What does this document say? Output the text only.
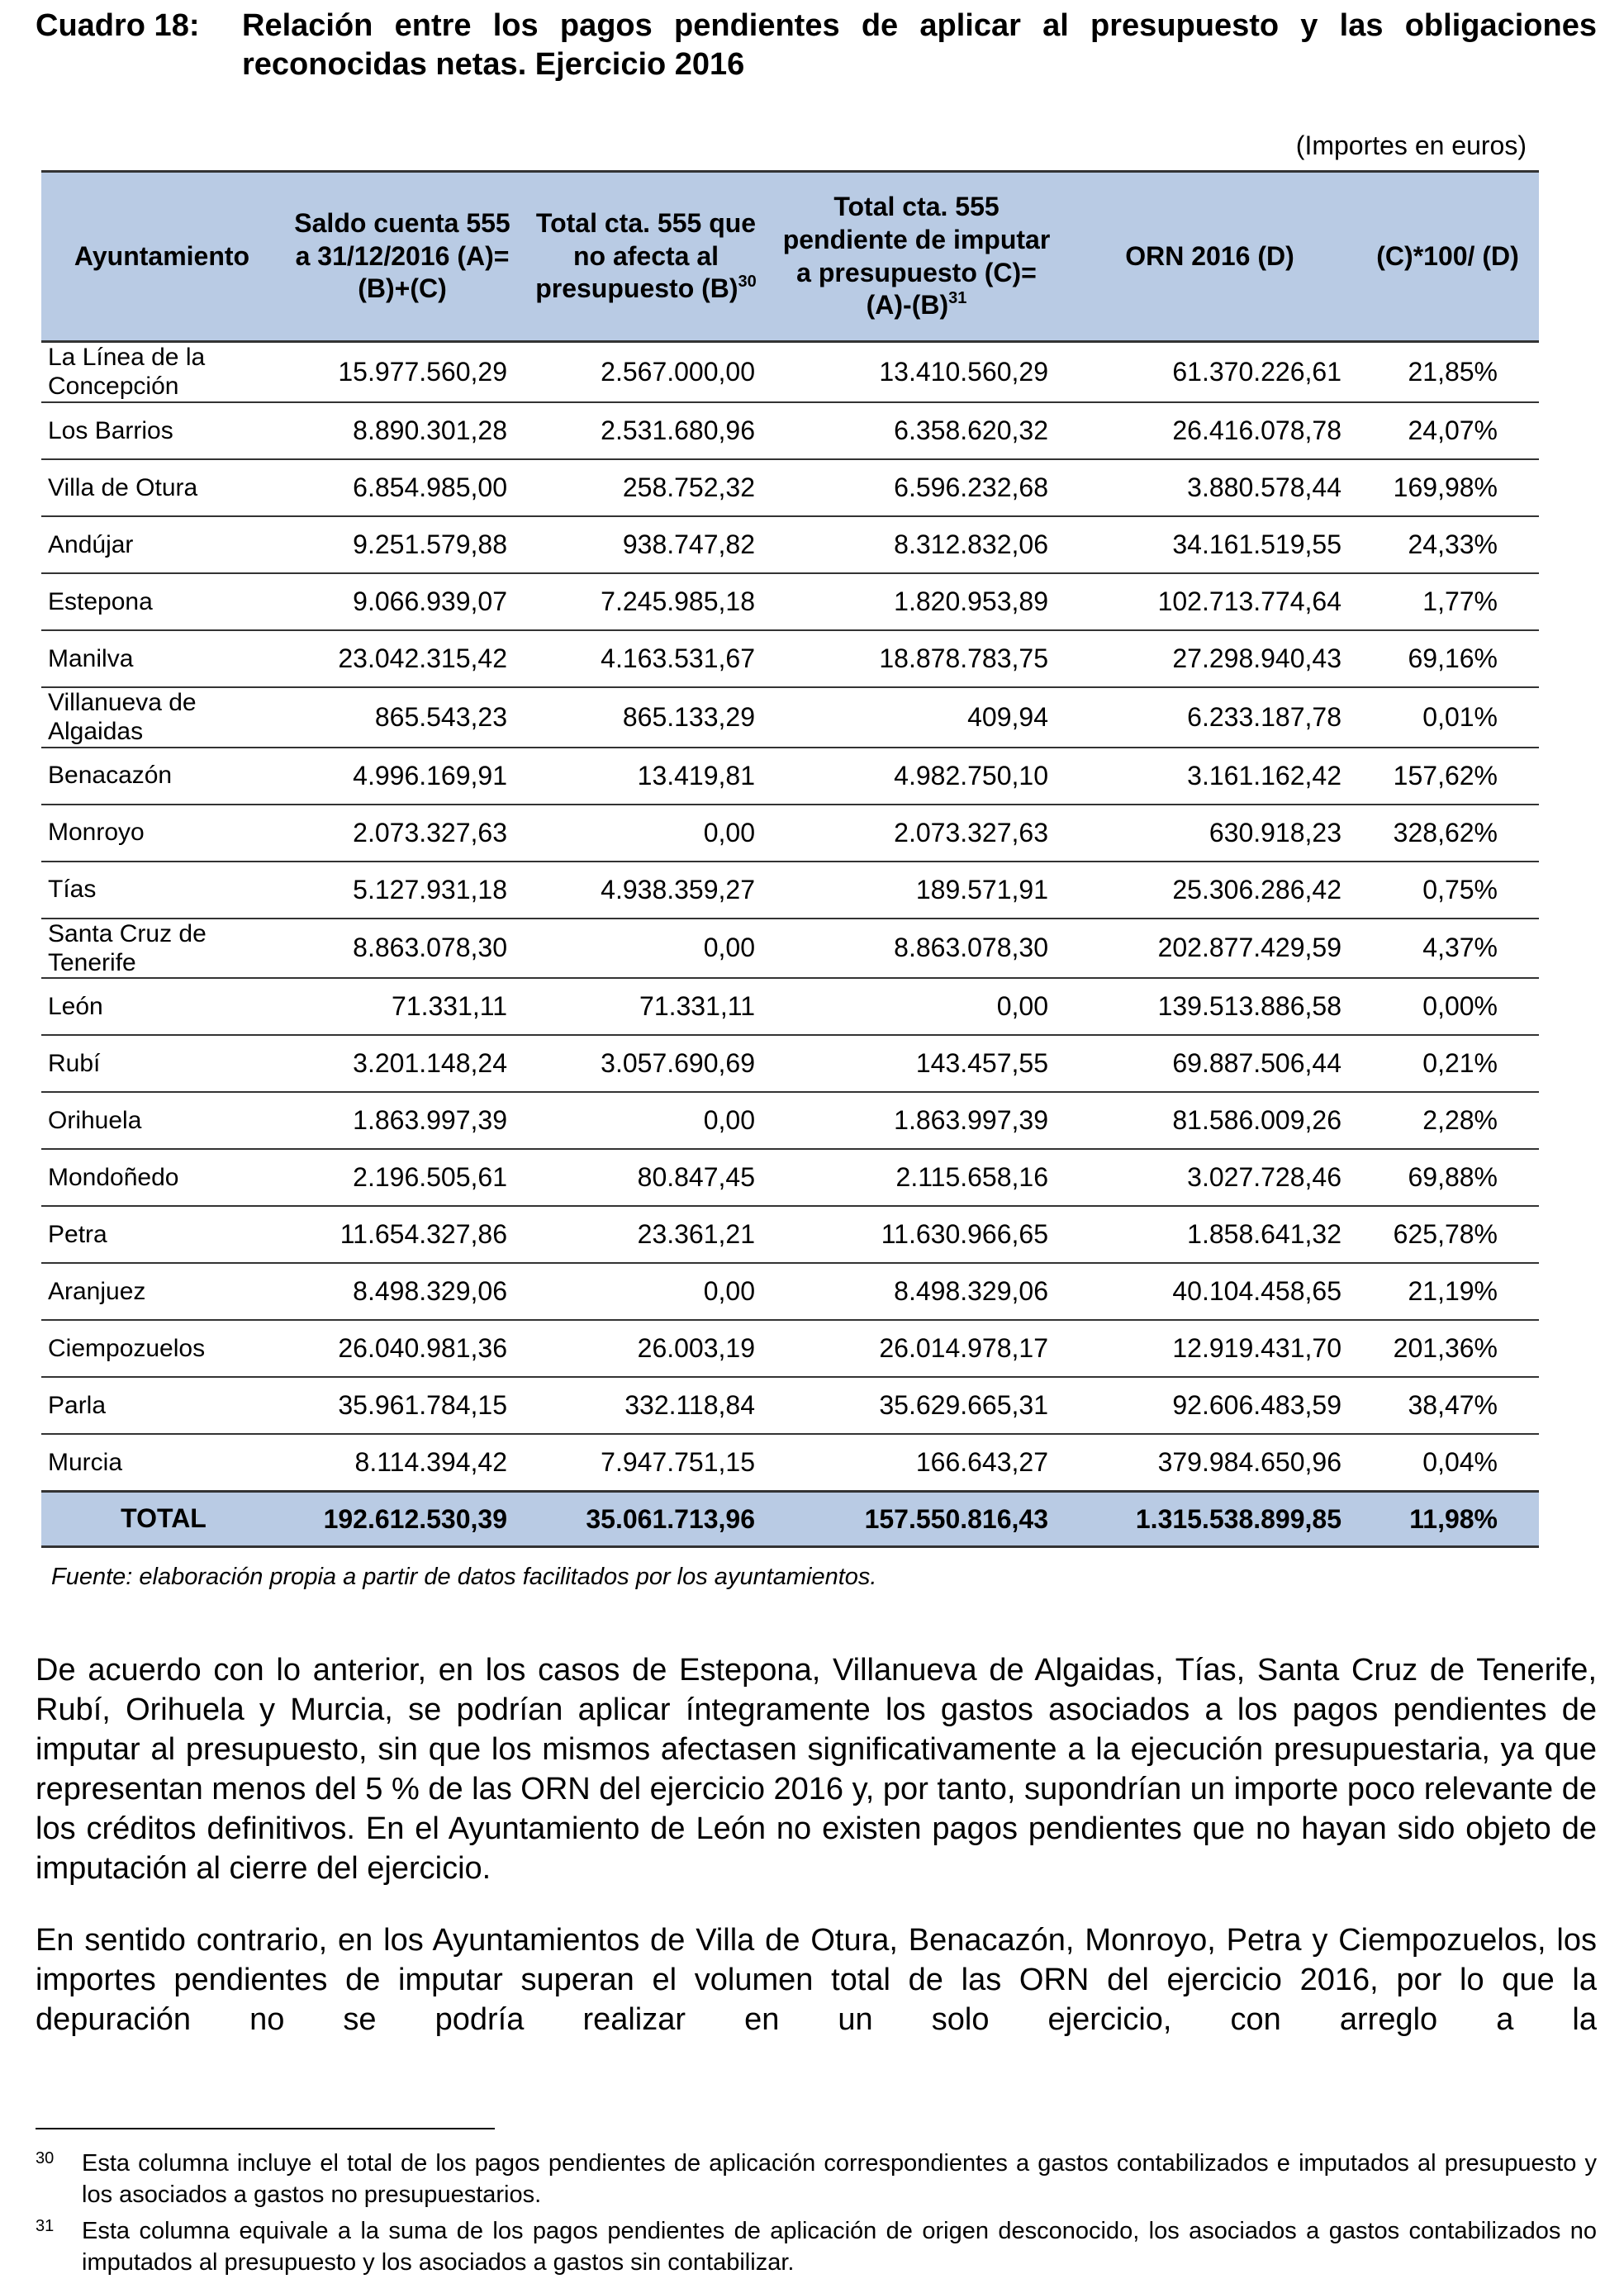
Cuadro 18: Relación entre los pagos pendientes de aplicar al presupuesto y las obligaciones reconocidas netas. Ejercicio 2016
(Importes en euros)
Ayuntamiento	Saldo cuenta 555 a 31/12/2016 (A)=(B)+(C)	Total cta. 555 que no afecta al presupuesto $(B)^{30}$	Total cta. 555 pendiente de imputar a presupuesto $(C)=(A)-(B)^{31}$	ORN 2016 (D)	(C)*100/ (D)
La Línea de la Concepción	15.977.560,29	2.567.000,00	13.410.560,29	61.370.226,61	21,85%
Los Barrios	8.890.301,28	2.531.680,96	6.358.620,32	26.416.078,78	24,07%
Villa de Otura	6.854.985,00	258.752,32	6.596.232,68	3.880.578,44	169,98%
Andújar	9.251.579,88	938.747,82	8.312.832,06	34.161.519,55	24,33%
Estepona	9.066.939,07	7.245.985,18	1.820.953,89	102.713.774,64	1,77%
Manilva	23.042.315,42	4.163.531,67	18.878.783,75	27.298.940,43	69,16%
Villanueva de Algaidas	865.543,23	865.133,29	409,94	6.233.187,78	0,01%
Benacazón	4.996.169,91	13.419,81	4.982.750,10	3.161.162,42	157,62%
Monroyo	2.073.327,63	0,00	2.073.327,63	630.918,23	328,62%
Tías	5.127.931,18	4.938.359,27	189.571,91	25.306.286,42	0,75%
Santa Cruz de Tenerife	8.863.078,30	0,00	8.863.078,30	202.877.429,59	4,37%
León	71.331,11	71.331,11	0,00	139.513.886,58	0,00%
Rubí	3.201.148,24	3.057.690,69	143.457,55	69.887.506,44	0,21%
Orihuela	1.863.997,39	0,00	1.863.997,39	81.586.009,26	2,28%
Mondoñedo	2.196.505,61	80.847,45	2.115.658,16	3.027.728,46	69,88%
Petra	11.654.327,86	23.361,21	11.630.966,65	1.858.641,32	625,78%
Aranjuez	8.498.329,06	0,00	8.498.329,06	40.104.458,65	21,19%
Ciempozuelos	26.040.981,36	26.003,19	26.014.978,17	12.919.431,70	201,36%
Parla	35.961.784,15	332.118,84	35.629.665,31	92.606.483,59	38,47%
Murcia	8.114.394,42	7.947.751,15	166.643,27	379.984.650,96	0,04%
TOTAL	192.612.530,39	35.061.713,96	157.550.816,43	1.315.538.899,85	11,98%
Fuente: elaboración propia a partir de datos facilitados por los ayuntamientos.
De acuerdo con lo anterior, en los casos de Estepona, Villanueva de Algaidas, Tías, Santa Cruz de Tenerife, Rubí, Orihuela y Murcia, se podrían aplicar íntegramente los gastos asociados a los pagos pendientes de imputar al presupuesto, sin que los mismos afectasen significativamente a la ejecución presupuestaria, ya que representan menos del 5 % de las ORN del ejercicio 2016 y, por tanto, supondrían un importe poco relevante de los créditos definitivos. En el Ayuntamiento de León no existen pagos pendientes que no hayan sido objeto de imputación al cierre del ejercicio.
En sentido contrario, en los Ayuntamientos de Villa de Otura, Benacazón, Monroyo, Petra y Ciempozuelos, los importes pendientes de imputar superan el volumen total de las ORN del ejercicio 2016, por lo que la depuración no se podría realizar en un solo ejercicio, con arreglo a la
30 Esta columna incluye el total de los pagos pendientes de aplicación correspondientes a gastos contabilizados e imputados al presupuesto y los asociados a gastos no presupuestarios.
31 Esta columna equivale a la suma de los pagos pendientes de aplicación de origen desconocido, los asociados a gastos contabilizados no imputados al presupuesto y los asociados a gastos sin contabilizar.
